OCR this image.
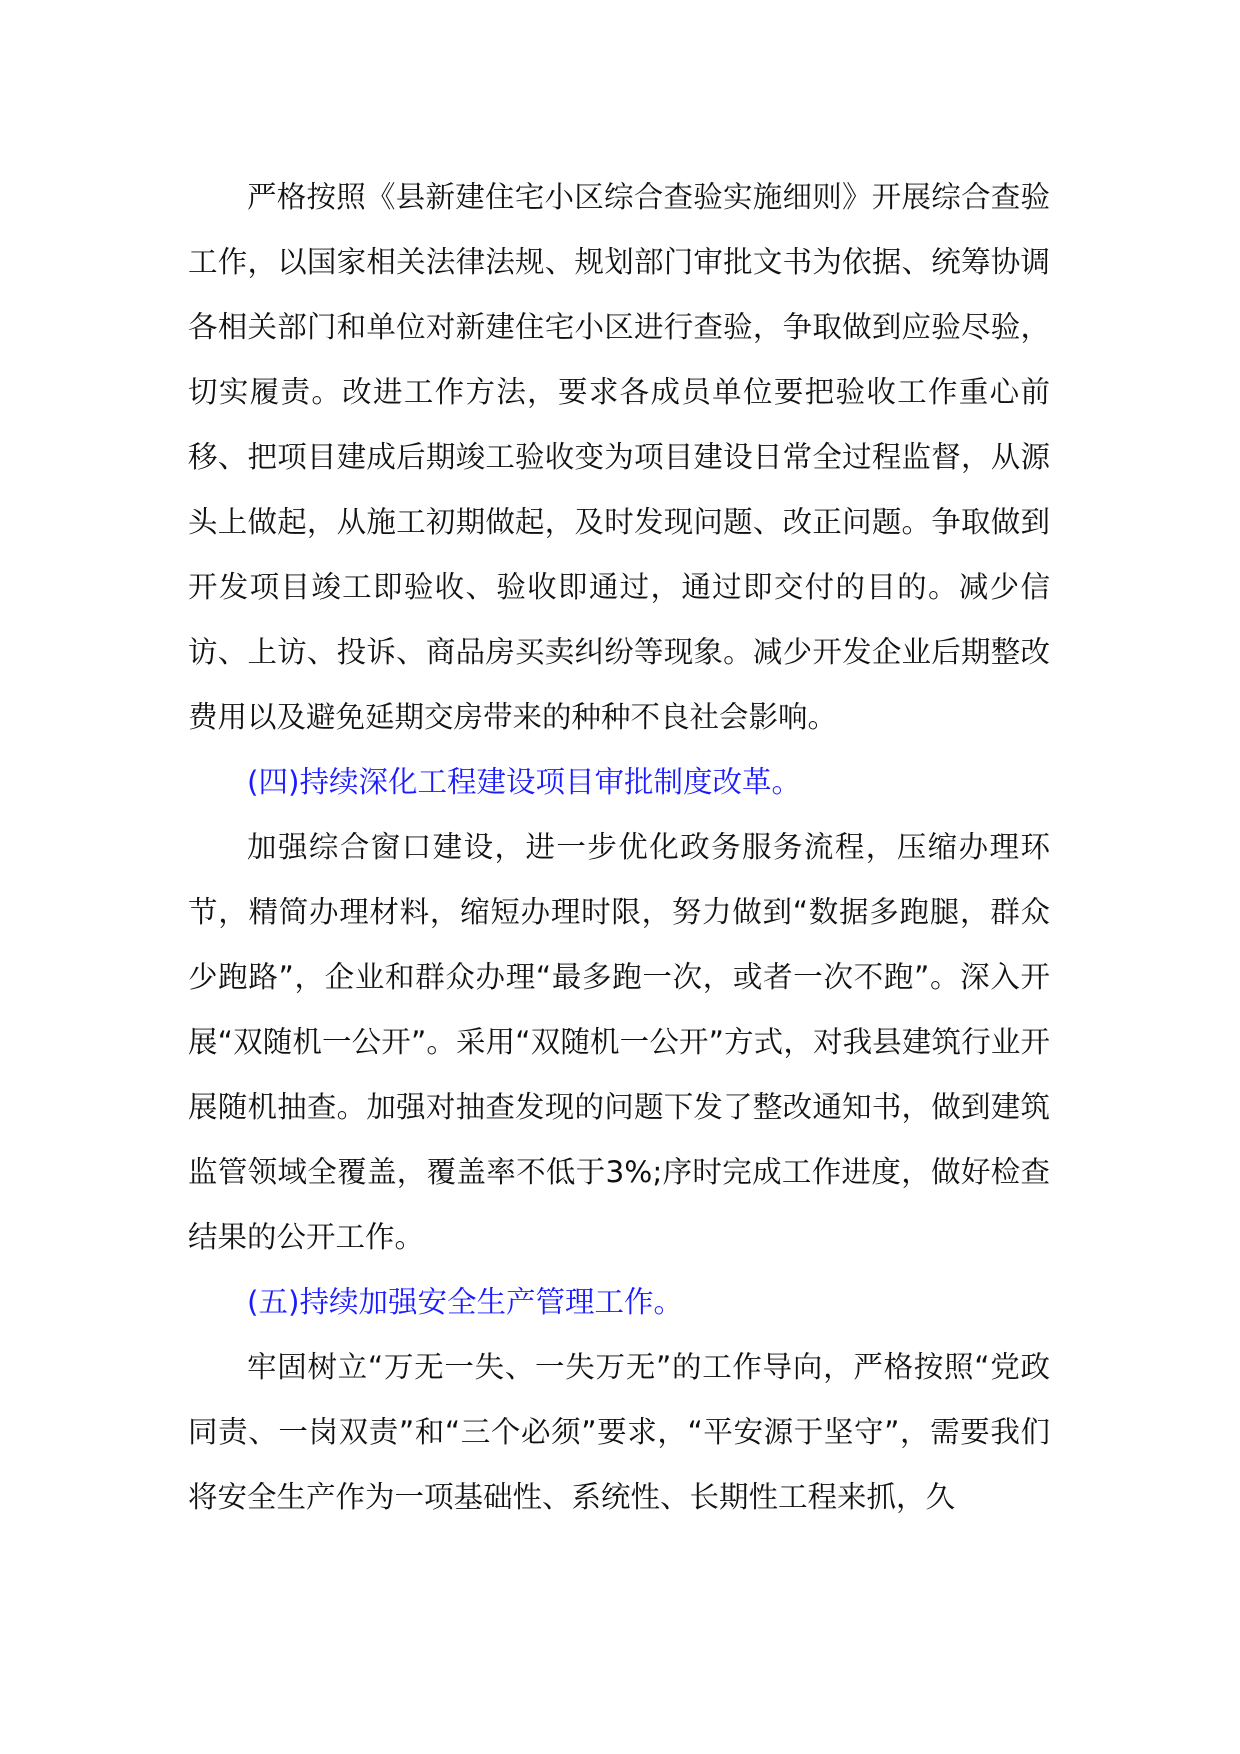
严格按照《县新建住宅小区综合查验实施细则》开展综合查验工作，以国家相关法律法规、规划部门审批文书为依据、统筹协调各相关部门和单位对新建住宅小区进行查验，争取做到应验尽验，切实履责。改进工作方法，要求各成员单位要把验收工作重心前移、把项目建成后期竣工验收变为项目建设日常全过程监督，从源头上做起，从施工初期做起，及时发现问题、改正问题。争取做到开发项目竣工即验收、验收即通过，通过即交付的目的。减少信访、上访、投诉、商品房买卖纠纷等现象。减少开发企业后期整改费用以及避免延期交房带来的种种不良社会影响。

(四)持续深化工程建设项目审批制度改革。

加强综合窗口建设，进一步优化政务服务流程，压缩办理环节，精简办理材料，缩短办理时限，努力做到“数据多跑腿，群众少跑路”，企业和群众办理“最多跑一次，或者一次不跑”。深入开展“双随机一公开”。采用“双随机一公开”方式，对我县建筑行业开展随机抽查。加强对抽查发现的问题下发了整改通知书，做到建筑监管领域全覆盖，覆盖率不低于3%;序时完成工作进度，做好检查结果的公开工作。

(五)持续加强安全生产管理工作。

牢固树立“万无一失、一失万无”的工作导向，严格按照“党政同责、一岗双责”和“三个必须”要求，“平安源于坚守”，需要我们将安全生产作为一项基础性、系统性、长期性工程来抓，久
